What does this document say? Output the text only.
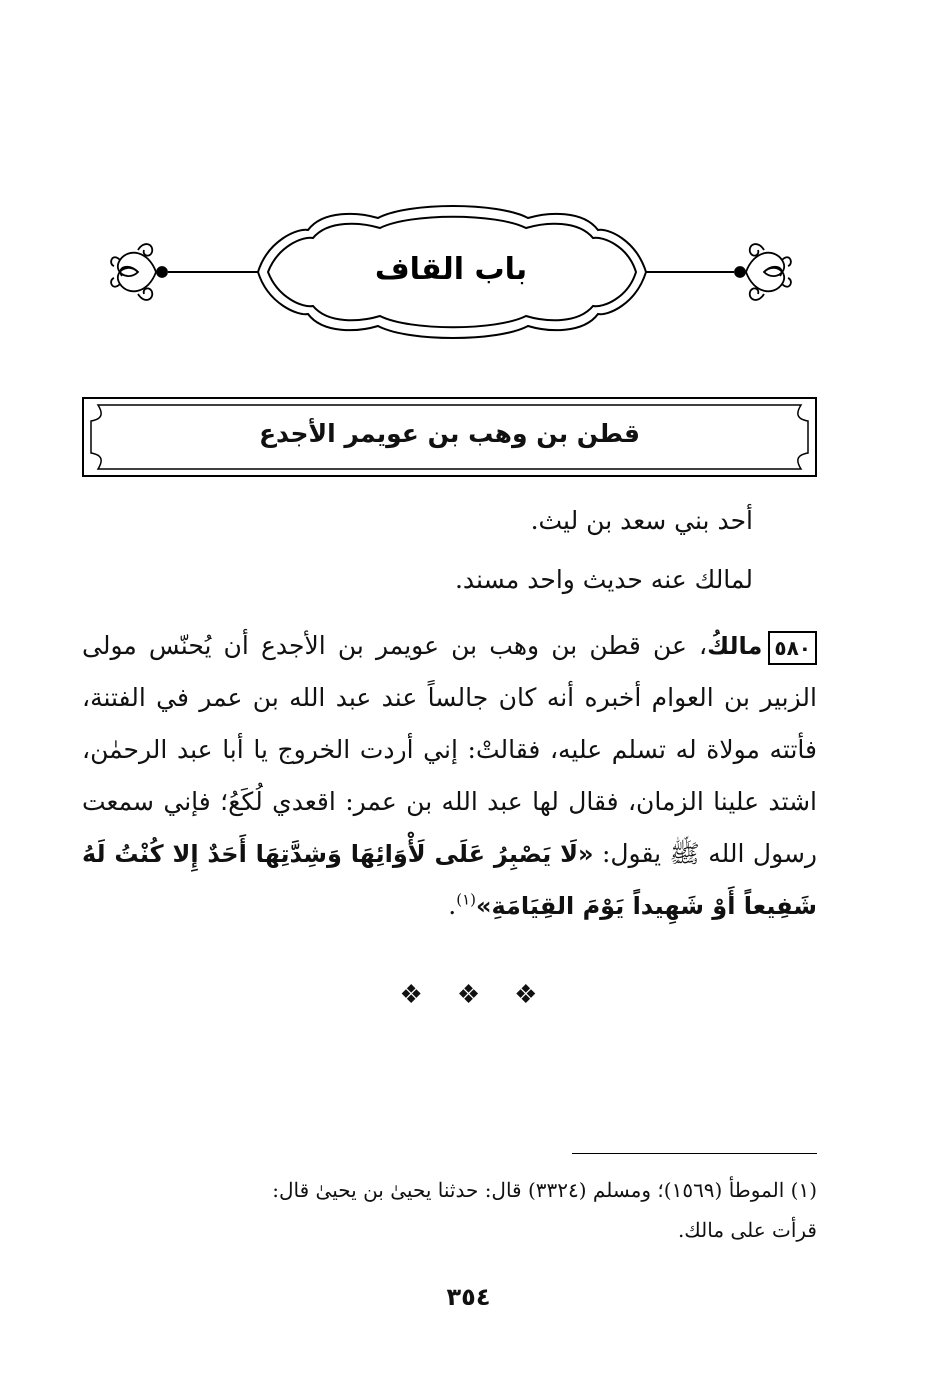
باب القاف
قطن بن وهب بن عويمر الأجدع
أحد بني سعد بن ليث.
لمالك عنه حديث واحد مسند.
٥٨٠مالكُ، عن قطن بن وهب بن عويمر بن الأجدع أن يُحنّس مولى الزبير بن العوام أخبره أنه كان جالساً عند عبد الله بن عمر في الفتنة، فأتته مولاة له تسلم عليه، فقالتْ: إني أردت الخروج يا أبا عبد الرحمٰن، اشتد علينا الزمان، فقال لها عبد الله بن عمر: اقعدي لُكَعُ؛ فإني سمعت رسول الله ﷺ يقول: «لَا يَصْبِرُ عَلَى لَأْوَائِهَا وَشِدَّتِهَا أَحَدٌ إِلا كُنْتُ لَهُ شَفِيعاً أَوْ شَهِيداً يَوْمَ القِيَامَةِ»$^{(١)}$.
❖❖❖
(١) الموطأ (١٥٦٩)؛ ومسلم (٣٣٢٤) قال: حدثنا يحيىٰ بن يحيىٰ قال:
قرأت على مالك.
٣٥٤
